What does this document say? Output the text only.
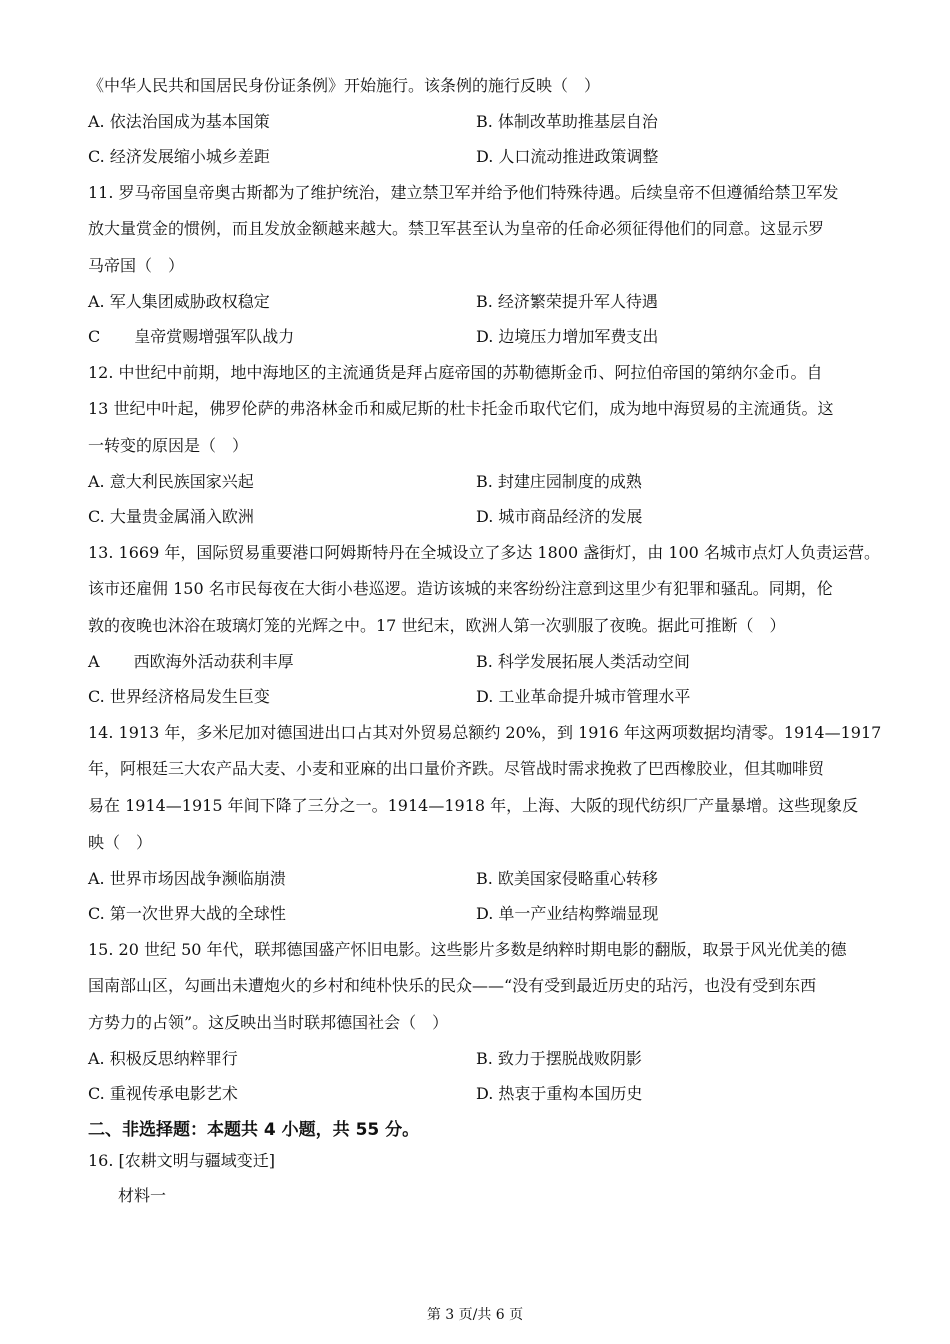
《中华人民共和国居民身份证条例》开始施行。该条例的施行反映（　）
A. 依法治国成为基本国策	B. 体制改革助推基层自治
C. 经济发展缩小城乡差距	D. 人口流动推进政策调整
11. 罗马帝国皇帝奥古斯都为了维护统治，建立禁卫军并给予他们特殊待遇。后续皇帝不但遵循给禁卫军发
放大量赏金的惯例，而且发放金额越来越大。禁卫军甚至认为皇帝的任命必须征得他们的同意。这显示罗
马帝国（　）
A. 军人集团威胁政权稳定	B. 经济繁荣提升军人待遇
C 皇帝赏赐增强军队战力	D. 边境压力增加军费支出
12. 中世纪中前期，地中海地区的主流通货是拜占庭帝国的苏勒德斯金币、阿拉伯帝国的第纳尔金币。自
13 世纪中叶起，佛罗伦萨的弗洛林金币和威尼斯的杜卡托金币取代它们，成为地中海贸易的主流通货。这
一转变的原因是（　）
A. 意大利民族国家兴起	B. 封建庄园制度的成熟
C. 大量贵金属涌入欧洲	D. 城市商品经济的发展
13. 1669 年，国际贸易重要港口阿姆斯特丹在全城设立了多达 1800 盏街灯，由 100 名城市点灯人负责运营。
该市还雇佣 150 名市民每夜在大街小巷巡逻。造访该城的来客纷纷注意到这里少有犯罪和骚乱。同期，伦
敦的夜晚也沐浴在玻璃灯笼的光辉之中。17 世纪末，欧洲人第一次驯服了夜晚。据此可推断（　）
A 西欧海外活动获利丰厚	B. 科学发展拓展人类活动空间
C. 世界经济格局发生巨变	D. 工业革命提升城市管理水平
14. 1913 年，多米尼加对德国进出口占其对外贸易总额约 20%，到 1916 年这两项数据均清零。1914—1917
年，阿根廷三大农产品大麦、小麦和亚麻的出口量价齐跌。尽管战时需求挽救了巴西橡胶业，但其咖啡贸
易在 1914—1915 年间下降了三分之一。1914—1918 年，上海、大阪的现代纺织厂产量暴增。这些现象反
映（　）
A. 世界市场因战争濒临崩溃	B. 欧美国家侵略重心转移
C. 第一次世界大战的全球性	D. 单一产业结构弊端显现
15. 20 世纪 50 年代，联邦德国盛产怀旧电影。这些影片多数是纳粹时期电影的翻版，取景于风光优美的德
国南部山区，勾画出未遭炮火的乡村和纯朴快乐的民众——“没有受到最近历史的玷污，也没有受到东西
方势力的占领”。这反映出当时联邦德国社会（　）
A. 积极反思纳粹罪行	B. 致力于摆脱战败阴影
C. 重视传承电影艺术	D. 热衷于重构本国历史
二、非选择题：本题共 4 小题，共 55 分。
16. [农耕文明与疆域变迁]
材料一
第 3 页/共 6 页
